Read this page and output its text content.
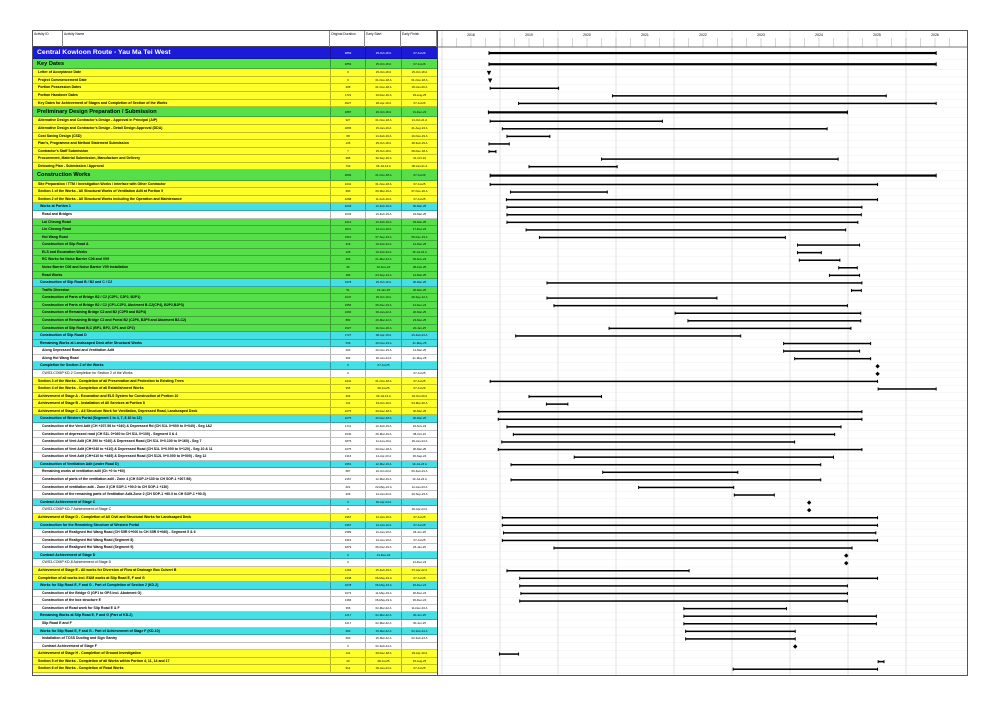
Activity ID	Activity Name	Original Duration	Early Start	Early Finish
Central Kowloon Route - Yau Ma Tei West	2853	25-Oct-18 A	07-Jul-26
Key Dates	2853	25-Oct-18 A	07-Jul-26
Letter of Acceptance Date	0	25-Oct-18 A	25-Oct-18 A
Project Commencement Date	0	01-Nov-18 A	01-Nov-18 A
Portion Possession Dates	208	01-Nov-18 A	03-Jan-20 A
Portion Handover Dates	1721	10-Dec-20 A	29-Aug-25
Key Dates for Achievement of Stages and Completion of Section of the Works	2627	28-Apr-19 A	07-Jul-26
Preliminary Design Preparation / Submission	1887	20-Oct-18 A	31-Dec-24
Alternative Design and Contractor's Design - Approval in Principal (AIP)	927	01-Nov-18 A	21-Oct-21 A
Alternative Design and Contractor's Design - Detail Design Approval (DDA)	1805	15-Jan-19 A	21-Aug-24 A
Cost Saving Design (CSD)	68	14-Feb-19 A	10-Nov-19 A
Plan's, Programme and Method Statement Submission	135	25-Oct-18 A	28-Feb-19 A
Contractor's Staff Submission	7	25-Oct-18 A	08-Dec-18 A
Procurement, Material Submission, Manufacture and Delivery	988	30-Sep-20 A	31-Oct-24
Detouring Plan - Submission / Approval	733	04-Jul-19 A	08-Jan-21 A
Construction Works	2806	01-Nov-18 A	07-Jul-26
Site Preparation / TTM / Investigation Works / Interface with Other Contractor	2441	01-Nov-18 A	07-Jul-25
Section 1 of the Works - All Structural Works of Ventilation Adit at Portion 9	690	09-Mar-19 A	07-Nov-20 A
Section 2 of the Works - All Structural Works including the Operation and Maintenance	2298	11-Feb-19 A	07-Jul-25
Works at Portion 1	2233	13-Feb-19 A	30-Mar-25
Road and Bridges	2233	13-Feb-19 A	24-Mar-25
Lai Cheung Road	2212	13-Feb-19 A	03-Mar-25
Lin Cheung Road	2011	13-Jun-19 A	17-Dec-24
Hoi Wang Road	1510	07-Sep-19 A	05-Dec-23 A
Construction of Slip Road A	318	19-Feb-24 A	14-Mar-25
ELS and Excavation Works	128	19-Feb-24 A	15-Jul-24 A
RC Works for Noise Barrier C06 and V09	206	01-Mar-24 A	09-Nov-24
Noise Barrier C06 and Noise Barrier V09 Installation	96	02-Nov-24	28-Feb-25
Road Works	186	04-Sep-24 A	14-Mar-25
Construction of Slip Road B / B2 and C / C2	1978	25-Oct-19 A	30-Mar-25
Traffic Diversion	51	23-Jan-25	26-Mar-25
Construction of Parts of Bridge B2 / C2 (C2P1, C2P2, B2P1)	1047	25-Oct-19 A	29-Sep-22 A
Construction of Parts of Bridge B2 / C2 (CP1-C2P3, Abutment B-C2(CP4), B2P2,B2P3)	1956	06-Dec-19 A	31-Dec-24
Construction of Remaining Bridge C2 and B2 (C2P5 and B2P4)	1060	09-Jan-22 A	20-Mar-25
Construction of Remaining Bridge C2 and Portal B2 (C2P6, B2P5 and Abutment B2-C2)	883	29-Mar-22 A	23-Mar-25
Construction of Slip Road B,C (BP1, BP2, CP1 and CP2)	1527	16-Nov-20 A	20-Jan-25
Construction of Slip Road D	1727	08-Apr-19 A	23-Feb-23 A
Remaining Works at Landscaped Deck after Structural Works	549	20-Nov-23 A	21-May-25
Along Depressed Road and Ventilation Adit	400	20-Nov-23 A	14-Mar-25
Along Hoi Wang Road	492	30-Jan-24 A	21-May-25
Completion for Section 2 of the Works	0	07-Jul-25
CWS3-COMP KD-2 Completion for Section 2 of the Works	0	07-Jul-25
Section 3 of the Works - Completion of all Preservation and Protection to Existing Trees	2441	01-Nov-18 A	07-Jul-25
Section 4 of the Works - Completion of all Establishment Works	365	08-Jul-25	07-Jul-26
Achievement of Stage A - Excavation and ELS System for Construction at Portion 10	403	03-Jul-19 A	02-Oct-20 A
Achievement of Stage B - Installation of All Services at Portion 8	141	19-Oct-19 A	04-Mar-20 A
Achievement of Stage C - All Structure Work for Ventilation, Depressed Road, Landscaped Deck	2275	20-Dec-18 A	30-Mar-25
Construction of Western Portal (Segment 1 to 4, 7, 8 10 to 12)	2275	20-Dec-18 A	30-Mar-25
Construction of the Vent Adit (CH +207.96 to +240) & Depressed Rd (CH S1L 0+000 to 0+040) - Seg 1&2	1711	12-Feb-19 A	19-Nov-24
Construction of depressed road (CH S1L 0+040 to CH S1L 0+100) - Segment 3 & 4	1640	26-Mar-19 A	08-Oct-24
Construction of Vent Adit (CH 290 to +240) & Depressed Road (CH S1L 0+0.100 to 0+160) - Seg 7	1876	11-Jan-19 A	29-Jan-24 A
Construction of Vent Adit (CH+240 to +410) & Depressed Road (CH S1L 0+0.000 to 0+120) - Seg 10 & 11	2275	20-Dec-18 A	30-Mar-25
Construction of Vent Adit (CH+410 to +465) & Depressed Road (CH S12L 0+0.000 to 0+000) - Seg 12	1316	14-Apr-20 A	30-Sep-24
Construction of Ventilation Adit (under Road D)	1951	12-Mar-19 A	13-Jul-24 A
Remaining works at ventilation adit (Ch +0 to +60)	687	10-Oct-20 A	06-Feb-23 A
Construction of parts of the ventilation adit - Zone 4 (CH SOP-1+130 to CH SOP-1 +207.96)	2167	12-Mar-19 A	13-Jul-24 A
Construction of ventilation adit - Zone 3 (CH SOP-1 +90.0 to CH SOP-1 +130)	621	22-May-21 A	12-Jan-23 A
Construction of the remaining parts of Ventilation Adit-Zone 2 (CH SOP-1 +60.0 to CH SOP-1 +90.0)	206	14-Jan-23 A	23-Sep-23 A
Contract Achievement of Stage C	0	30-Apr-24 A
CWS3-COMP KD-7 Achievement of Stage C	0	30-Apr-24 A
Achievement of Stage D - Completion of All Civil and Structural Works for Landscaped Deck	2367	14-Jan-19 A	07-Jul-25
Construction for the Remaining Structure of Western Portal	2367	14-Jan-19 A	07-Jul-25
Construction of Realigned Hoi Wang Road (CH S5R 0+000 to CH S5R 0+060) - Segment 5 & 6	2389	21-Jan-19 A	26-Jun-25
Construction of Realigned Hoi Wang Road (Segment 8)	1916	14-Jan-19 A	07-Jul-25
Construction of Realigned Hoi Wang Road (Segment 9)	1879	06-Dec-19 A	26-Jan-25
Contract Achievement of Stage D	0	21-Dec-24
CWS3-COMP KD-8 Achievement of Stage D	0	21-Dec-24
Achievement of Stage E - All works for Diversion of Flow at Drainage Box Culvert B	1163	15-Feb-19 A	07-Apr-22 A
Completion of all works incl. E&M works at Slip Road E, F and G	2348	06-May-19 A	07-Jul-25
Works for Slip Road E, F and G - Part of Completion of Section 2 (KD-2)	1678	06-May-19 A	30-Dec-24
Construction of the Bridge G (GP1 to GP3 incl. Abutment G)	1073	11-May-19 A	30-Dec-24
Construction of the box structure E	1384	06-May-19 A	30-Dec-24
Construction of Road work for Slip Road E & F	366	02-Mar-22 A	11-Dec-23 A
Remaining Works at Slip Road E, F and G (Part of KD-2)	1217	02-Mar-22 A	30-Jun-25
Slip Road E and F	1217	02-Mar-22 A	30-Jun-25
Works for Slip Road E, F and G - Part of Achievement of Stage F (KD-10)	690	15-Mar-22 A	02-Feb-24 A
Installation of TCSS Ducting and Sign Gantry	690	15-Mar-22 A	02-Feb-24 A
Contract Achievement of Stage F	0	02-Feb-24 A
Achievement of Stage H - Completion of Ground Investigation	141	29-Dec-18 A	29-Apr-19 A
Section 5 of the Works - Completion of all Works within Portion 4, 11, 14 and 17	20	08-Jul-25	15-Aug-25
Section 6 of the Works - Completion of Road Works	914	06-Jan-23 A	07-Jul-25
2018	2019	2020	2021	2022	2023	2024	2025	2026
